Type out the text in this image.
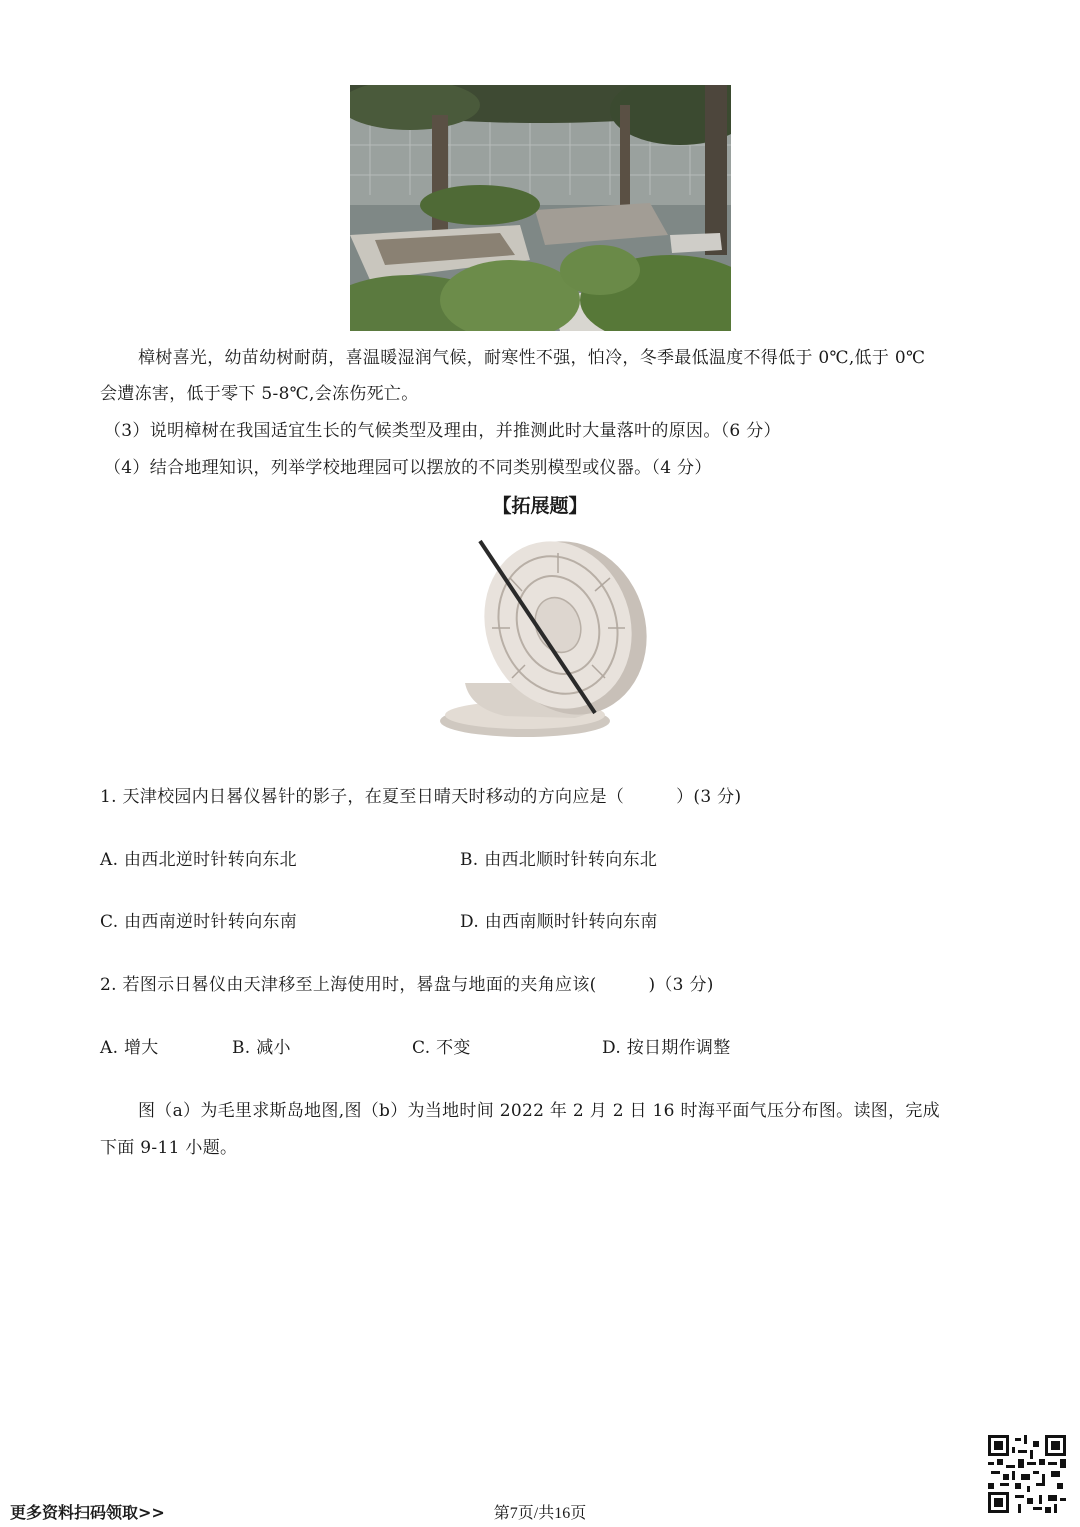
樟树喜光，幼苗幼树耐荫，喜温暖湿润气候，耐寒性不强，怕冷，冬季最低温度不得低于 0℃,低于 0℃
会遭冻害，低于零下 5-8℃,会冻伤死亡。
（3）说明樟树在我国适宜生长的气候类型及理由，并推测此时大量落叶的原因。（6 分）
（4）结合地理知识，列举学校地理园可以摆放的不同类别模型或仪器。（4 分）
【拓展题】
1. 天津校园内日晷仪晷针的影子，在夏至日晴天时移动的方向应是（　　　）(3 分)
A. 由西北逆时针转向东北	B. 由西北顺时针转向东北
C. 由西南逆时针转向东南	D. 由西南顺时针转向东南
2. 若图示日晷仪由天津移至上海使用时，晷盘与地面的夹角应该(　　　)（3 分)
A. 增大	B. 减小	C. 不变	D. 按日期作调整
图（a）为毛里求斯岛地图,图（b）为当地时间 2022 年 2 月 2 日 16 时海平面气压分布图。读图，完成
下面 9-11 小题。
更多资料扫码领取>>	第7页/共16页
